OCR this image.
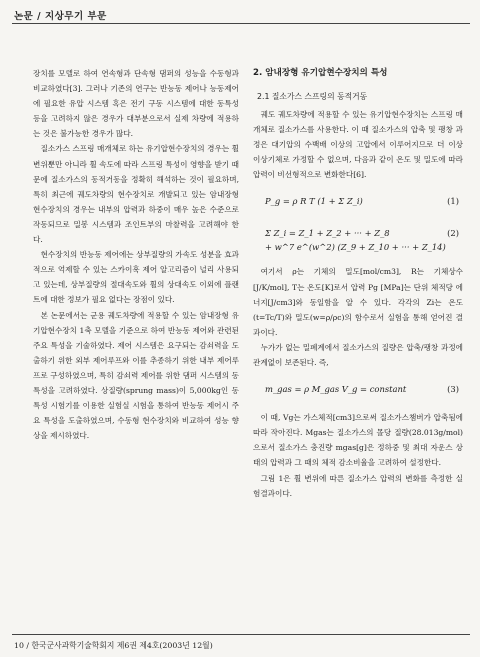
논문 / 지상무기 부문

장치를 모델로 하여 연속형과 단속형 댐퍼의 성능을 수동형과 비교하였다[3]. 그러나 기존의 연구는 반능동 제어나 능동제어에 필요한 유압 시스템 혹은 전기 구동 시스템에 대한 동특성 등을 고려하지 않은 경우가 대부분으로서 실제 차량에 적용하는 것은 불가능한 경우가 많다.

질소가스 스프링 매개체로 하는 유기압현수장치의 경우는 휠 변위뿐만 아니라 휠 속도에 따라 스프링 특성이 영향을 받기 때문에 질소가스의 동적거동을 정확히 해석하는 것이 필요하며, 특히 최근에 궤도차량의 현수장치로 개발되고 있는 암내장형 현수장치의 경우는 내부의 압력과 하중이 매우 높은 수준으로 작동되므로 밀봉 시스템과 조인트부의 마찰력을 고려해야 한다.

현수장치의 반능동 제어에는 상부질량의 가속도 성분을 효과적으로 억제할 수 있는 스카이훅 제어 알고리즘이 널리 사용되고 있는데, 상부질량의 절대속도와 휠의 상대속도 이외에 플랜트에 대한 정보가 필요 없다는 장점이 있다.

본 논문에서는 군용 궤도차량에 적용할 수 있는 암내장형 유기압현수장치 1축 모델을 기준으로 하여 반능동 제어와 관련된 주요 특성을 기술하였다. 제어 시스템은 요구되는 감쇠력을 도출하기 위한 외부 제어루프와 이를 추종하기 위한 내부 제어루프로 구성하였으며, 특히 감쇠력 제어를 위한 댐퍼 시스템의 동특성을 고려하였다. 상질량(sprung mass)이 5,000kg인 동특성 시험기를 이용한 실험실 시험을 통하여 반능동 제어시 주요 특성을 도출하였으며, 수동형 현수장치와 비교하여 성능 향상을 제시하였다.

2. 암내장형 유기압현수장치의 특성
2.1 질소가스 스프링의 동적거동

궤도 궤도차량에 적용할 수 있는 유기압현수장치는 스프링 매개체로 질소가스를 사용한다. 이 때 질소가스의 압축 및 팽창 과정은 대기압의 수백배 이상의 고압에서 이루어지므로 더 이상 이상기체로 가정할 수 없으며, 다음과 같이 온도 및 밀도에 따라 압력이 비선형적으로 변화한다[6].

P_g = ρ R T (1 + Σ Z_i)	(1)
Σ Z_i = Z_1 + Z_2 + ··· + Z_8
+ w^7 e^(w^2) (Z_9 + Z_10 + ··· + Z_14)
(2)

여기서 ρ는 기체의 밀도[mol/cm3], R는 기체상수 [J/K/mol], T는 온도[K]로서 압력 Pg [MPa]는 단위 체적당 에너지[J/cm3]와 동일함을 알 수 있다. 각각의 Zi는 온도(t=Tc/T)와 밀도(w=ρ/ρc)의 함수로서 실험을 통해 얻어진 결과이다.

누가가 없는 밀폐계에서 질소가스의 질량은 압축/팽창 과정에 관계없이 보존된다. 즉,

m_gas = ρ M_gas V_g = constant	(3)

이 때, Vg는 가스체적[cm3]으로써 질소가스챔버가 압축됨에 따라 작아진다. Mgas는 질소가스의 몰당 질량(28.013g/mol)으로서 질소가스 충진량 mgas[g]은 정하중 및 최대 자운스 상태의 압력과 그 때의 체적 감소비율을 고려하여 설정한다.

그림 1은 휠 변위에 따른 질소가스 압력의 변화를 측정한 실험결과이다.

10 / 한국군사과학기술학회지 제6권 제4호(2003년 12월)
